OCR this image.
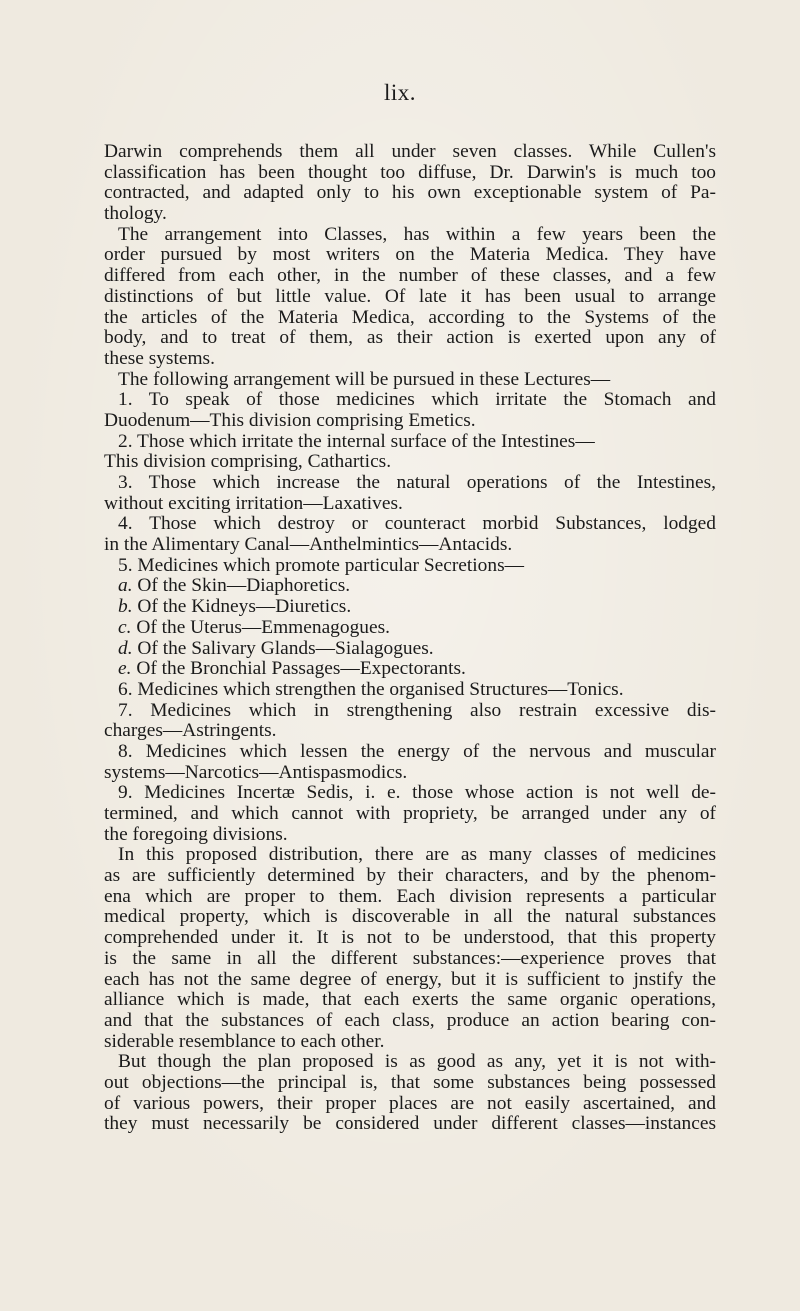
lix.
Darwin comprehends them all under seven classes. While Cullen's
classification has been thought too diffuse, Dr. Darwin's is much too
contracted, and adapted only to his own exceptionable system of Pa-
thology.
The arrangement into Classes, has within a few years been the
order pursued by most writers on the Materia Medica. They have
differed from each other, in the number of these classes, and a few
distinctions of but little value. Of late it has been usual to arrange
the articles of the Materia Medica, according to the Systems of the
body, and to treat of them, as their action is exerted upon any of
these systems.
The following arrangement will be pursued in these Lectures—
1. To speak of those medicines which irritate the Stomach and
Duodenum—This division comprising Emetics.
2. Those which irritate the internal surface of the Intestines—
This division comprising, Cathartics.
3. Those which increase the natural operations of the Intestines,
without exciting irritation—Laxatives.
4. Those which destroy or counteract morbid Substances, lodged
in the Alimentary Canal—Anthelmintics—Antacids.
5. Medicines which promote particular Secretions—
a. Of the Skin—Diaphoretics.
b. Of the Kidneys—Diuretics.
c. Of the Uterus—Emmenagogues.
d. Of the Salivary Glands—Sialagogues.
e. Of the Bronchial Passages—Expectorants.
6. Medicines which strengthen the organised Structures—Tonics.
7. Medicines which in strengthening also restrain excessive dis-
charges—Astringents.
8. Medicines which lessen the energy of the nervous and muscular
systems—Narcotics—Antispasmodics.
9. Medicines Incertæ Sedis, i. e. those whose action is not well de-
termined, and which cannot with propriety, be arranged under any of
the foregoing divisions.
In this proposed distribution, there are as many classes of medicines
as are sufficiently determined by their characters, and by the phenom-
ena which are proper to them. Each division represents a particular
medical property, which is discoverable in all the natural substances
comprehended under it. It is not to be understood, that this property
is the same in all the different substances:—experience proves that
each has not the same degree of energy, but it is sufficient to jnstify the
alliance which is made, that each exerts the same organic operations,
and that the substances of each class, produce an action bearing con-
siderable resemblance to each other.
But though the plan proposed is as good as any, yet it is not with-
out objections—the principal is, that some substances being possessed
of various powers, their proper places are not easily ascertained, and
they must necessarily be considered under different classes—instances
